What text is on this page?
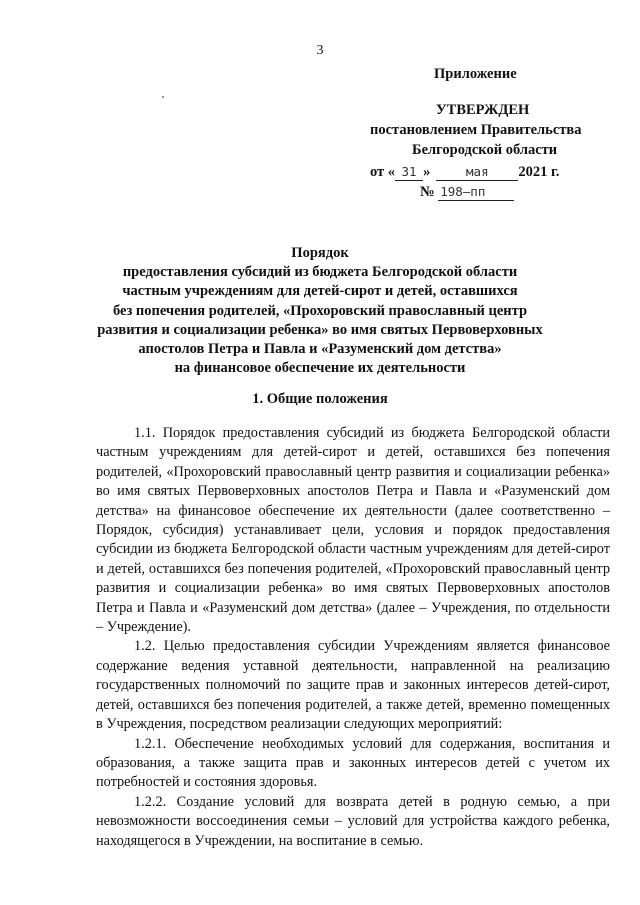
3
Приложение
УТВЕРЖДЕН
постановлением Правительства
Белгородской области
от « 31 »	мая 2021 г.
№ 198–пп
Порядок
предоставления субсидий из бюджета Белгородской области
частным учреждениям для детей-сирот и детей, оставшихся
без попечения родителей, «Прохоровский православный центр
развития и социализации ребенка» во имя святых Первоверховных
апостолов Петра и Павла и «Разуменский дом детства»
на финансовое обеспечение их деятельности
1. Общие положения

1.1. Порядок предоставления субсидий из бюджета Белгородской области частным учреждениям для детей-сирот и детей, оставшихся без попечения родителей, «Прохоровский православный центр развития и социализации ребенка» во имя святых Первоверховных апостолов Петра и Павла и «Разуменский дом детства» на финансовое обеспечение их деятельности (далее соответственно – Порядок, субсидия) устанавливает цели, условия и порядок предоставления субсидии из бюджета Белгородской области частным учреждениям для детей-сирот и детей, оставшихся без попечения родителей, «Прохоровский православный центр развития и социализации ребенка» во имя святых Первоверховных апостолов Петра и Павла и «Разуменский дом детства» (далее – Учреждения, по отдельности – Учреждение).

1.2. Целью предоставления субсидии Учреждениям является финансовое содержание ведения уставной деятельности, направленной на реализацию государственных полномочий по защите прав и законных интересов детей-сирот, детей, оставшихся без попечения родителей, а также детей, временно помещенных в Учреждения, посредством реализации следующих мероприятий:

1.2.1. Обеспечение необходимых условий для содержания, воспитания и образования, а также защита прав и законных интересов детей с учетом их потребностей и состояния здоровья.

1.2.2. Создание условий для возврата детей в родную семью, а при невозможности воссоединения семьи – условий для устройства каждого ребенка, находящегося в Учреждении, на воспитание в семью.
